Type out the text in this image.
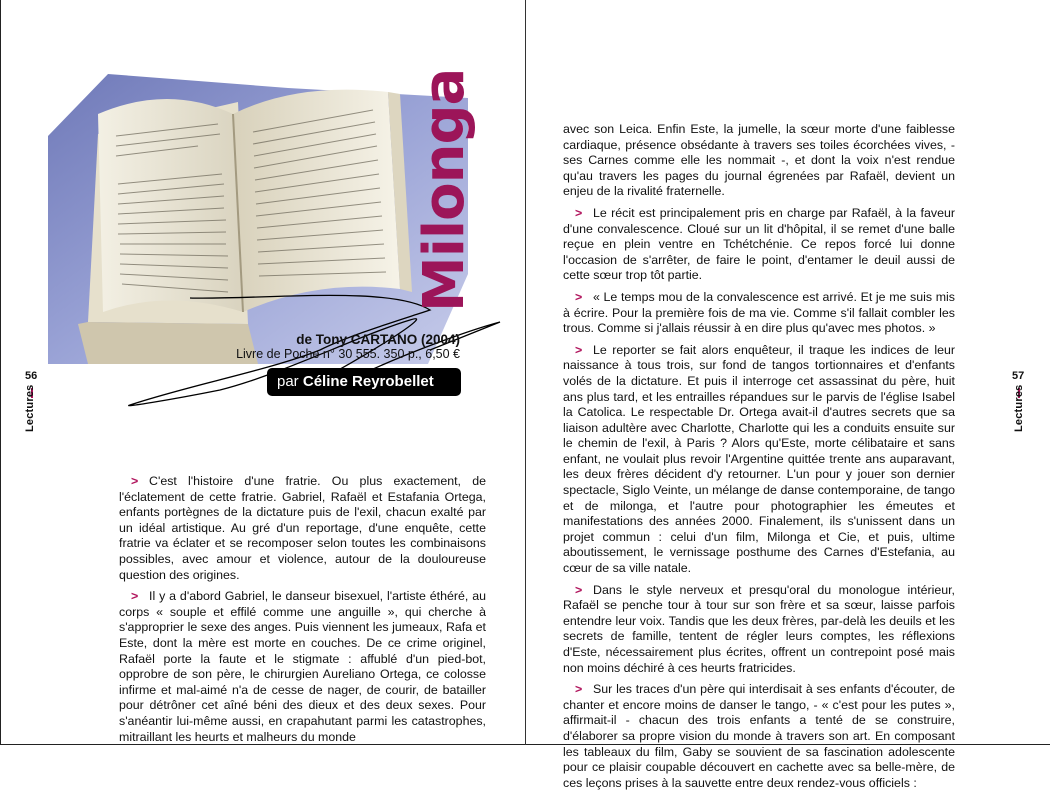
56
Lectures
57
Lectures
Milonga
de Tony CARTANO (2004)
Livre de Poche n° 30 555. 350 p., 6,50 €
par Céline Reyrobellet

> C'est l'histoire d'une fratrie. Ou plus exactement, de l'éclatement de cette fratrie. Gabriel, Rafaël et Estafania Ortega, enfants portègnes de la dictature puis de l'exil, chacun exalté par un idéal artistique. Au gré d'un reportage, d'une enquête, cette fratrie va éclater et se recomposer selon toutes les combinaisons possibles, avec amour et violence, autour de la douloureuse question des origines.

> Il y a d'abord Gabriel, le danseur bisexuel, l'artiste éthéré, au corps « souple et effilé comme une anguille », qui cherche à s'approprier le sexe des anges. Puis viennent les jumeaux, Rafa et Este, dont la mère est morte en couches. De ce crime originel, Rafaël porte la faute et le stigmate : affublé d'un pied-bot, opprobre de son père, le chirurgien Aureliano Ortega, ce colosse infirme et mal-aimé n'a de cesse de nager, de courir, de batailler pour détrôner cet aîné béni des dieux et des deux sexes. Pour s'anéantir lui-même aussi, en crapahutant parmi les catastrophes, mitraillant les heurts et malheurs du monde

avec son Leica. Enfin Este, la jumelle, la sœur morte d'une faiblesse cardiaque, présence obsédante à travers ses toiles écorchées vives, - ses Carnes comme elle les nommait -, et dont la voix n'est rendue qu'au travers les pages du journal égrenées par Rafaël, devient un enjeu de la rivalité fraternelle.

> Le récit est principalement pris en charge par Rafaël, à la faveur d'une convalescence. Cloué sur un lit d'hôpital, il se remet d'une balle reçue en plein ventre en Tchétchénie. Ce repos forcé lui donne l'occasion de s'arrêter, de faire le point, d'entamer le deuil aussi de cette sœur trop tôt partie.

> « Le temps mou de la convalescence est arrivé. Et je me suis mis à écrire. Pour la première fois de ma vie. Comme s'il fallait combler les trous. Comme si j'allais réussir à en dire plus qu'avec mes photos. »

> Le reporter se fait alors enquêteur, il traque les indices de leur naissance à tous trois, sur fond de tangos tortionnaires et d'enfants volés de la dictature. Et puis il interroge cet assassinat du père, huit ans plus tard, et les entrailles répandues sur le parvis de l'église Isabel la Catolica. Le respectable Dr. Ortega avait-il d'autres secrets que sa liaison adultère avec Charlotte, Charlotte qui les a conduits ensuite sur le chemin de l'exil, à Paris ? Alors qu'Este, morte célibataire et sans enfant, ne voulait plus revoir l'Argentine quittée trente ans auparavant, les deux frères décident d'y retourner. L'un pour y jouer son dernier spectacle, Siglo Veinte, un mélange de danse contemporaine, de tango et de milonga, et l'autre pour photographier les émeutes et manifestations des années 2000. Finalement, ils s'unissent dans un projet commun : celui d'un film, Milonga et Cie, et puis, ultime aboutissement, le vernissage posthume des Carnes d'Estefania, au cœur de sa ville natale.

> Dans le style nerveux et presqu'oral du monologue intérieur, Rafaël se penche tour à tour sur son frère et sa sœur, laisse parfois entendre leur voix. Tandis que les deux frères, par-delà les deuils et les secrets de famille, tentent de régler leurs comptes, les réflexions d'Este, nécessairement plus écrites, offrent un contrepoint posé mais non moins déchiré à ces heurts fratricides.

> Sur les traces d'un père qui interdisait à ses enfants d'écouter, de chanter et encore moins de danser le tango, - « c'est pour les putes », affirmait-il - chacun des trois enfants a tenté de se construire, d'élaborer sa propre vision du monde à travers son art. En composant les tableaux du film, Gaby se souvient de sa fascination adolescente pour ce plaisir coupable découvert en cachette avec sa belle-mère, de ces leçons prises à la sauvette entre deux rendez-vous officiels :
